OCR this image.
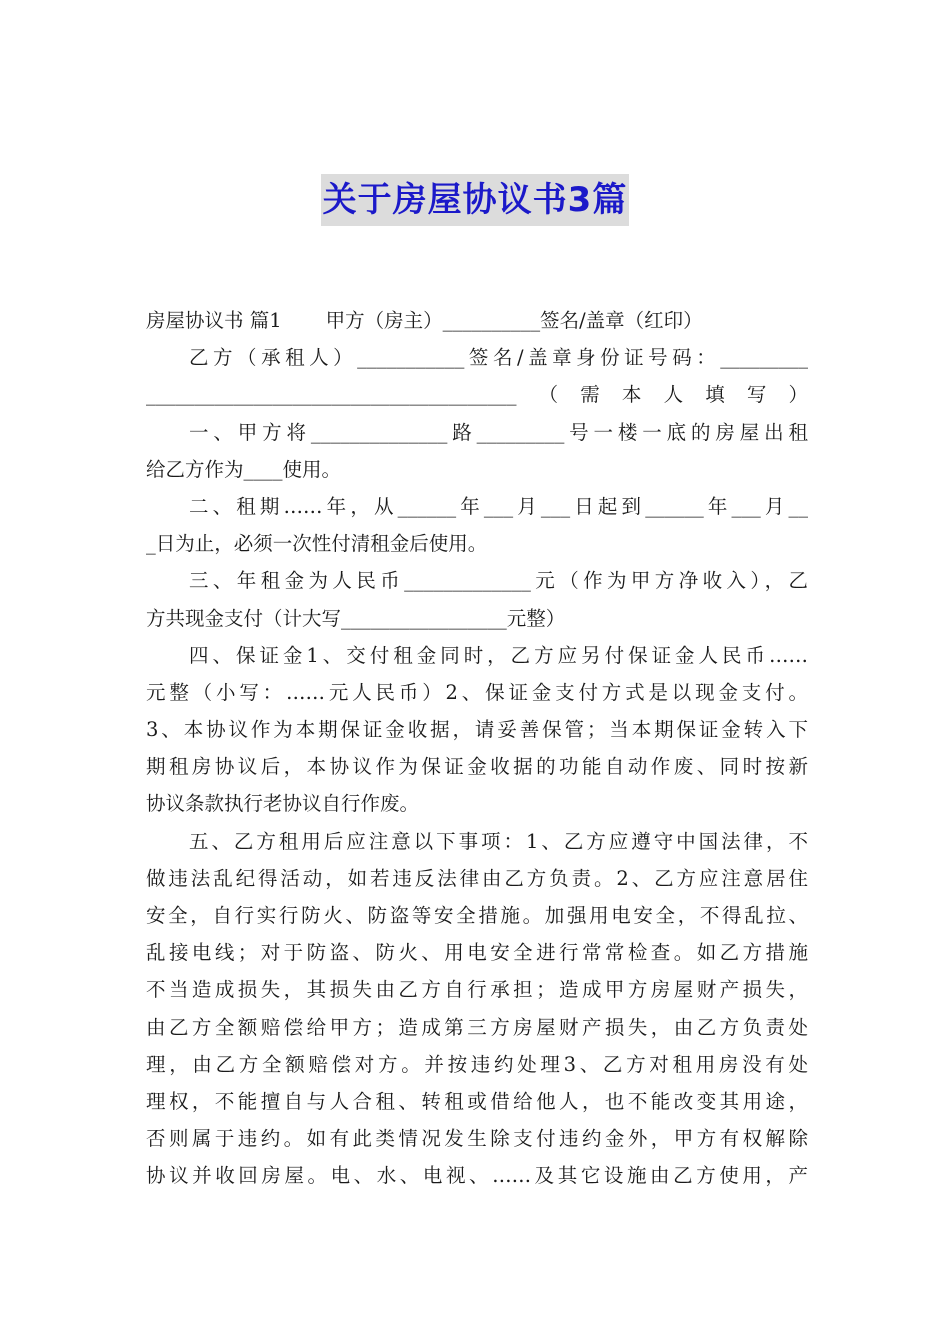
关于房屋协议书3篇
房屋协议书 篇1 甲方（房主）__________签名/盖章（红印）
乙方（承租人）___________签名/盖章身份证号码：_________
______________________________________（需本人填写）
一、甲方将______________路_________号一楼一底的房屋出租
给乙方作为____使用。
二、租期……年，从______年___月___日起到______年___月__
_日为止，必须一次性付清租金后使用。
三、年租金为人民币_____________元（作为甲方净收入），乙
方共现金支付（计大写_________________元整）
四、保证金1、交付租金同时，乙方应另付保证金人民币……
元整（小写：……元人民币）2、保证金支付方式是以现金支付。
3、本协议作为本期保证金收据，请妥善保管；当本期保证金转入下
期租房协议后，本协议作为保证金收据的功能自动作废、同时按新
协议条款执行老协议自行作废。
五、乙方租用后应注意以下事项：1、乙方应遵守中国法律，不
做违法乱纪得活动，如若违反法律由乙方负责。2、乙方应注意居住
安全，自行实行防火、防盗等安全措施。加强用电安全，不得乱拉、
乱接电线；对于防盗、防火、用电安全进行常常检查。如乙方措施
不当造成损失，其损失由乙方自行承担；造成甲方房屋财产损失，
由乙方全额赔偿给甲方；造成第三方房屋财产损失，由乙方负责处
理，由乙方全额赔偿对方。并按违约处理3、乙方对租用房没有处
理权，不能擅自与人合租、转租或借给他人，也不能改变其用途，
否则属于违约。如有此类情况发生除支付违约金外，甲方有权解除
协议并收回房屋。电、水、电视、……及其它设施由乙方使用，产
